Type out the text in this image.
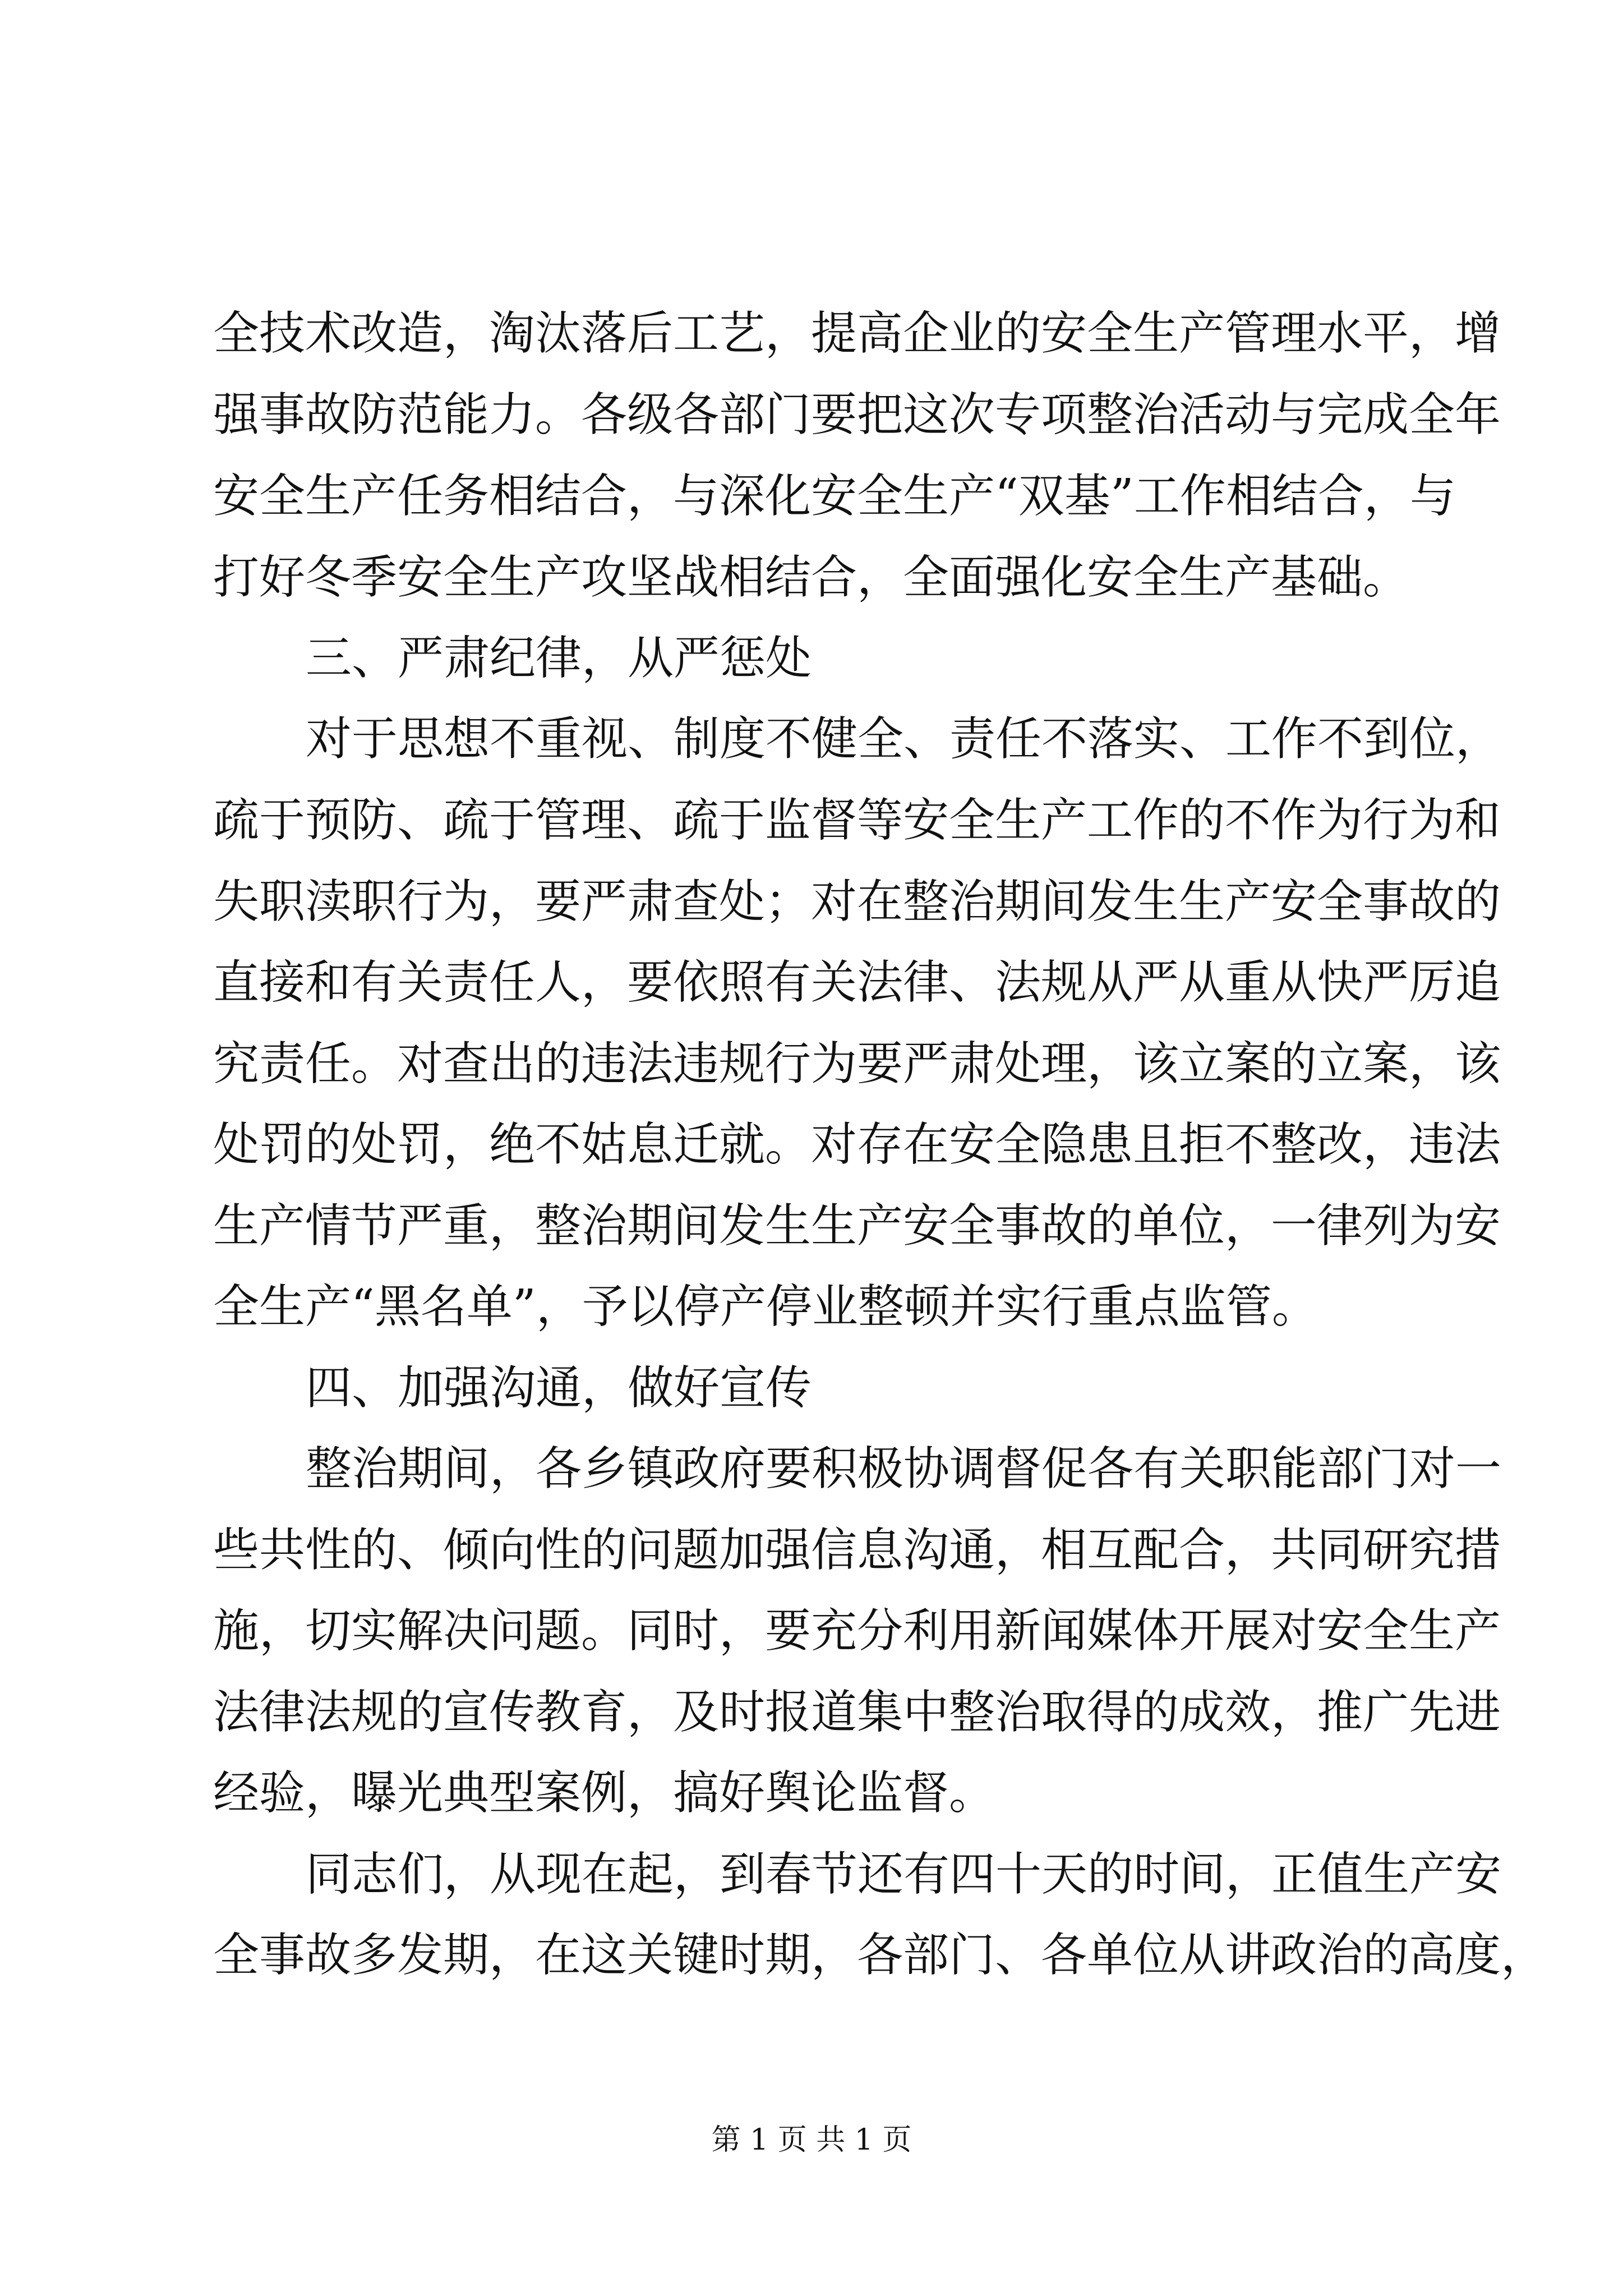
全技术改造，淘汰落后工艺，提高企业的安全生产管理水平，增
强事故防范能力。各级各部门要把这次专项整治活动与完成全年
安全生产任务相结合，与深化安全生产“双基”工作相结合，与
打好冬季安全生产攻坚战相结合，全面强化安全生产基础。
三、严肃纪律，从严惩处
对于思想不重视、制度不健全、责任不落实、工作不到位，
疏于预防、疏于管理、疏于监督等安全生产工作的不作为行为和
失职渎职行为，要严肃查处；对在整治期间发生生产安全事故的
直接和有关责任人，要依照有关法律、法规从严从重从快严厉追
究责任。对查出的违法违规行为要严肃处理，该立案的立案，该
处罚的处罚，绝不姑息迁就。对存在安全隐患且拒不整改，违法
生产情节严重，整治期间发生生产安全事故的单位，一律列为安
全生产“黑名单”，予以停产停业整顿并实行重点监管。
四、加强沟通，做好宣传
整治期间，各乡镇政府要积极协调督促各有关职能部门对一
些共性的、倾向性的问题加强信息沟通，相互配合，共同研究措
施，切实解决问题。同时，要充分利用新闻媒体开展对安全生产
法律法规的宣传教育，及时报道集中整治取得的成效，推广先进
经验，曝光典型案例，搞好舆论监督。
同志们，从现在起，到春节还有四十天的时间，正值生产安
全事故多发期，在这关键时期，各部门、各单位从讲政治的高度，
第 1 页 共 1 页
